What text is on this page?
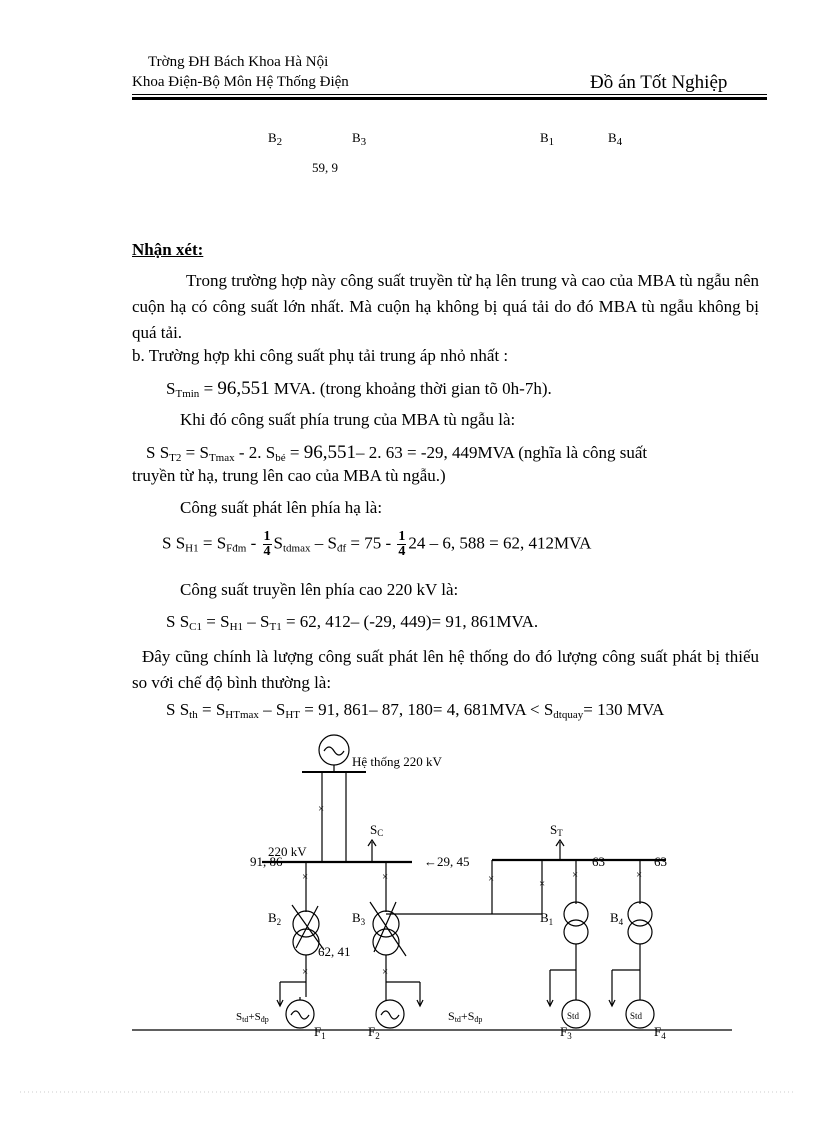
Trờng ĐH Bách Khoa Hà Nội
Khoa Điện-Bộ Môn Hệ Thống Điện	Đồ án Tốt Nghiệp
$B_2$	$B_3$	$B_1$	$B_4$
59, 9
Nhận xét:
Trong trường hợp này công suất truyền từ hạ lên trung và cao của MBA tù ngẫu nên cuộn hạ có công suất lớn nhất. Mà cuộn hạ không bị quá tải do đó MBA tù ngẫu không bị quá tải.
b. Trường hợp khi công suất phụ tải trung áp nhỏ nhất :
$S_{Tmin} = 96,551$ MVA. (trong khoảng thời gian tõ 0h-7h).
Khi đó công suất phía trung của MBA tù ngẫu là:
S $S_{T2} = S_{Tmax} - 2$. $S_{bé} = 96,551-$ 2. 63 = -29, 449MVA (nghĩa là công suất
truyền từ hạ, trung lên cao của MBA tù ngẫu.)
Công suất phát lên phía hạ là:
S $S_{H1} = S_{Fđm} - \frac{1}{4} S_{tdmax} - S_{đf} = 75 - \frac{1}{4} 24 - 6$, 588 = 62, 412MVA
Công suất truyền lên phía cao 220 kV là:
S $S_{C1} = S_{H1} - S_{T1} = 62$, 412– (-29, 449)= 91, 861MVA.
Đây cũng chính là lượng công suất phát lên hệ thống do đó lượng công suất phát bị thiếu so với chế độ bình thường là:
S $S_{th} = S_{HTmax} - S_{HT} = 91$, 861– 87, 180= 4, $681MVA < S_{dtquay}= 130$ MVA
×
×	×
×	×
×
×	×
×
Hệ thống 220 kV
220 kV
91, 86	←29, 45
SC	ST
63	63
$B_2$	$B_3$	$B_1$	$B_4$
62, 41
Std+Sđp	Std+Sđp	Std	Std
$F_1$	$F_2$	$F_3$	$F_4$
